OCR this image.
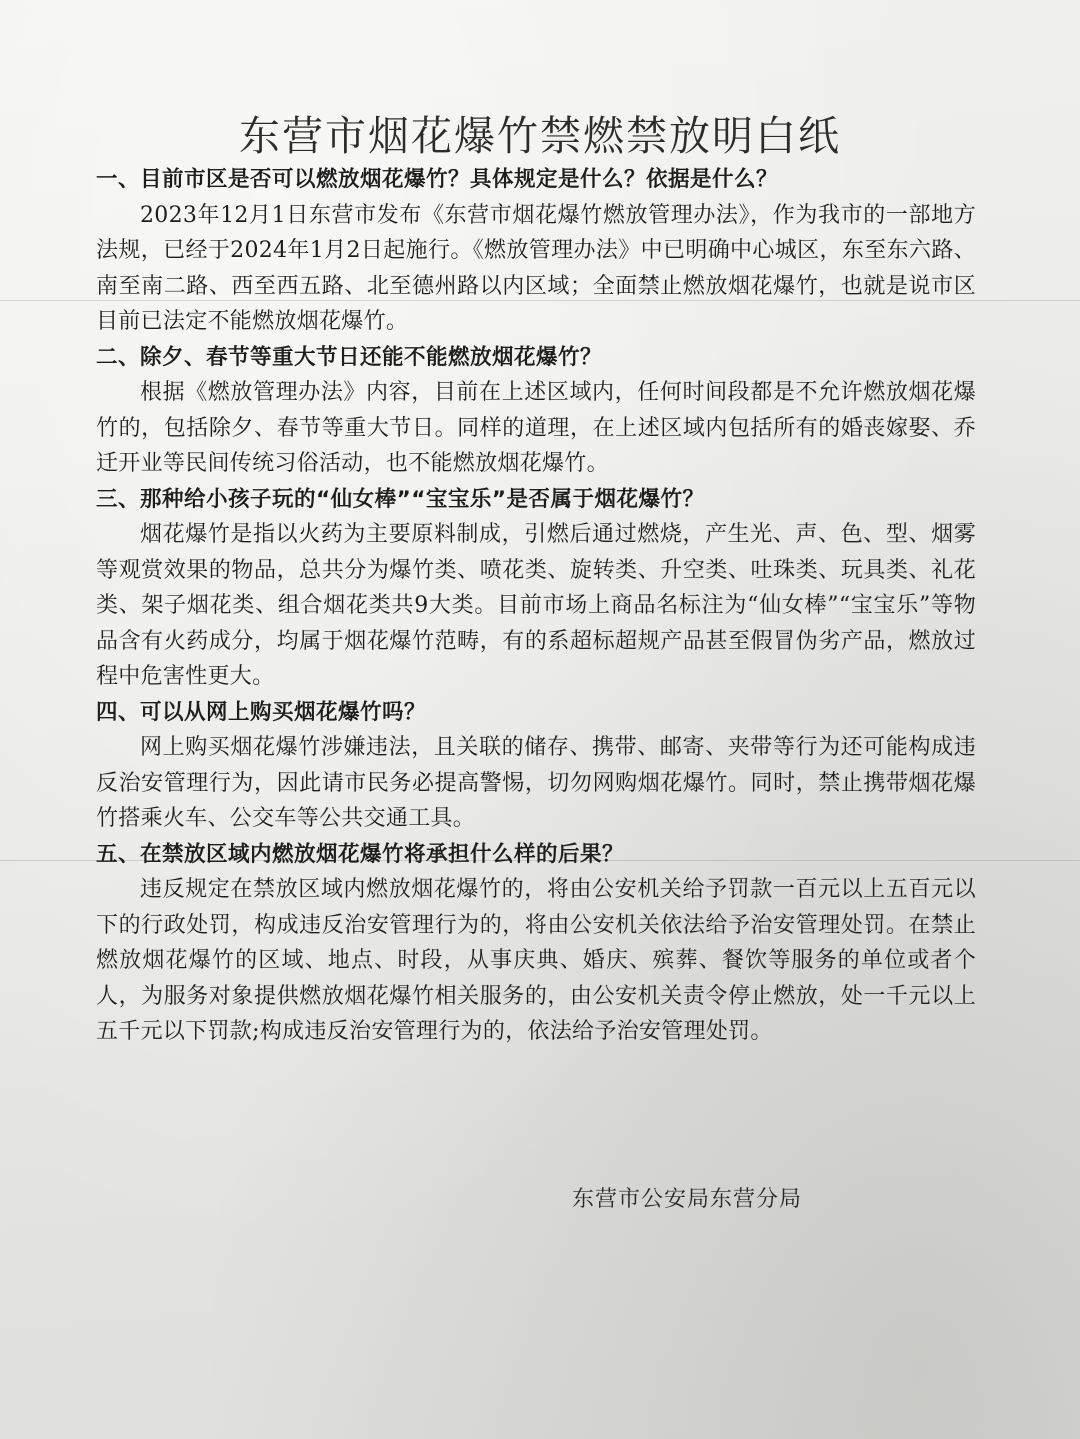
东营市烟花爆竹禁燃禁放明白纸

一、目前市区是否可以燃放烟花爆竹？具体规定是什么？依据是什么？

2023年12月1日东营市发布《东营市烟花爆竹燃放管理办法》，作为我市的一部地方法规，已经于2024年1月2日起施行。《燃放管理办法》中已明确中心城区，东至东六路、南至南二路、西至西五路、北至德州路以内区域；全面禁止燃放烟花爆竹，也就是说市区目前已法定不能燃放烟花爆竹。

二、除夕、春节等重大节日还能不能燃放烟花爆竹？

根据《燃放管理办法》内容，目前在上述区域内，任何时间段都是不允许燃放烟花爆竹的，包括除夕、春节等重大节日。同样的道理，在上述区域内包括所有的婚丧嫁娶、乔迁开业等民间传统习俗活动，也不能燃放烟花爆竹。

三、那种给小孩子玩的“仙女棒”“宝宝乐”是否属于烟花爆竹？

烟花爆竹是指以火药为主要原料制成，引燃后通过燃烧，产生光、声、色、型、烟雾等观赏效果的物品，总共分为爆竹类、喷花类、旋转类、升空类、吐珠类、玩具类、礼花类、架子烟花类、组合烟花类共9大类。目前市场上商品名标注为“仙女棒”“宝宝乐”等物品含有火药成分，均属于烟花爆竹范畴，有的系超标超规产品甚至假冒伪劣产品，燃放过程中危害性更大。

四、可以从网上购买烟花爆竹吗？

网上购买烟花爆竹涉嫌违法，且关联的储存、携带、邮寄、夹带等行为还可能构成违反治安管理行为，因此请市民务必提高警惕，切勿网购烟花爆竹。同时，禁止携带烟花爆竹搭乘火车、公交车等公共交通工具。

五、在禁放区域内燃放烟花爆竹将承担什么样的后果？

违反规定在禁放区域内燃放烟花爆竹的，将由公安机关给予罚款一百元以上五百元以下的行政处罚，构成违反治安管理行为的，将由公安机关依法给予治安管理处罚。在禁止燃放烟花爆竹的区域、地点、时段，从事庆典、婚庆、殡葬、餐饮等服务的单位或者个人，为服务对象提供燃放烟花爆竹相关服务的，由公安机关责令停止燃放，处一千元以上五千元以下罚款;构成违反治安管理行为的，依法给予治安管理处罚。

东营市公安局东营分局
